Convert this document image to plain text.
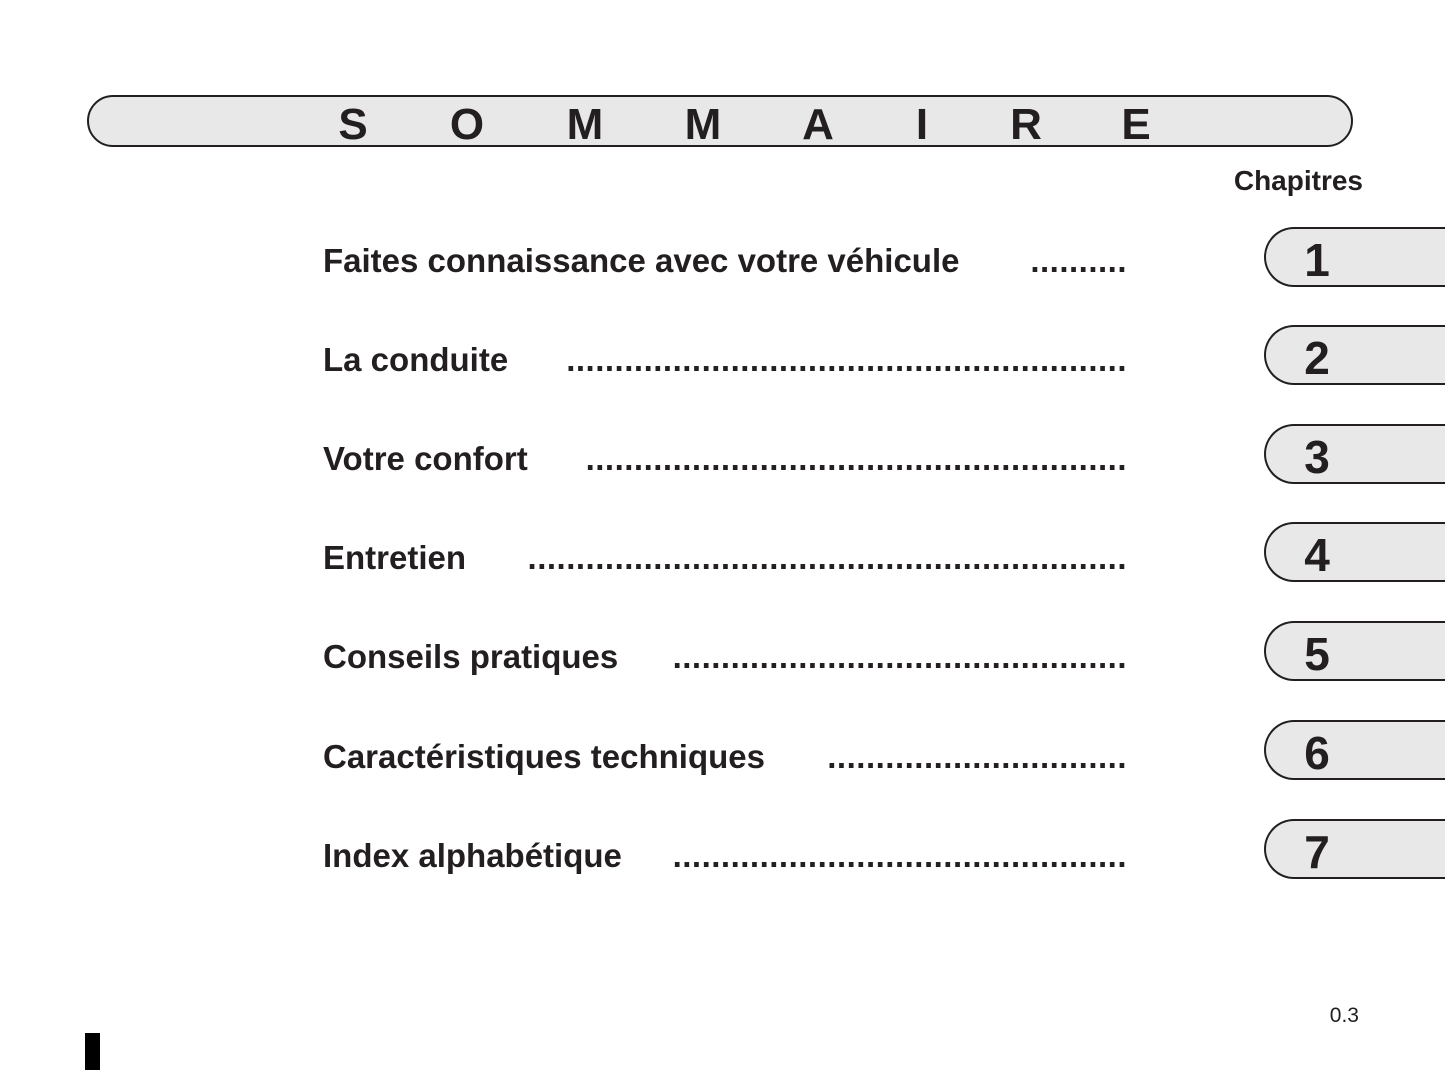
S O M M A I R E
Chapitres
Faites connaissance avec votre véhicule ..........	1
La conduite ..........................................................	2
Votre confort ........................................................	3
Entretien ..............................................................	4
Conseils pratiques ...............................................	5
Caractéristiques techniques ...............................	6
Index alphabétique ...............................................	7
0.3
